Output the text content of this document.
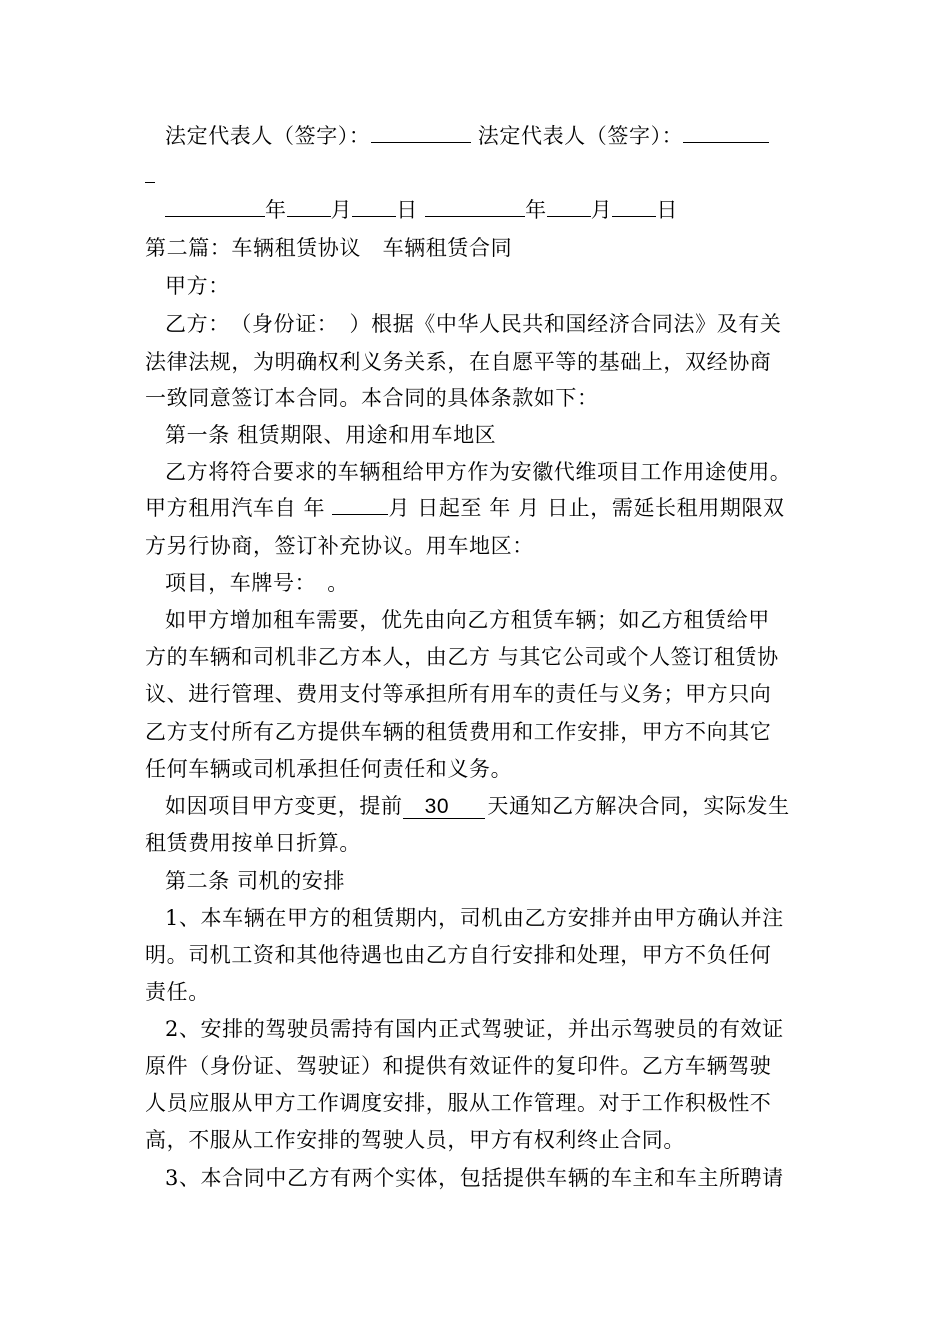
法定代表人（签字）：	法定代表人（签字）：
年 月 日	年 月 日
第二篇：车辆租赁协议　车辆租赁合同
甲方：
乙方：　（身份证：　）根据《中华人民共和国经济合同法》及有关
法律法规，为明确权利义务关系，在自愿平等的基础上，双经协商
一致同意签订本合同。本合同的具体条款如下：
第一条 租赁期限、用途和用车地区
乙方将符合要求的车辆租给甲方作为安徽代维项目工作用途使用。
甲方租用汽车自 年	月 日起至 年 月 日止，需延长租用期限双
方另行协商，签订补充协议。用车地区：
项目，车牌号：　。
如甲方增加租车需要，优先由向乙方租赁车辆；如乙方租赁给甲
方的车辆和司机非乙方本人，由乙方 与其它公司或个人签订租赁协
议、进行管理、费用支付等承担所有用车的责任与义务；甲方只向
乙方支付所有乙方提供车辆的租赁费用和工作安排，甲方不向其它
任何车辆或司机承担任何责任和义务。
如因项目甲方变更，提前 30 天通知乙方解决合同，实际发生
租赁费用按单日折算。
第二条 司机的安排
1、本车辆在甲方的租赁期内，司机由乙方安排并由甲方确认并注
明。司机工资和其他待遇也由乙方自行安排和处理，甲方不负任何
责任。
2、安排的驾驶员需持有国内正式驾驶证，并出示驾驶员的有效证
原件（身份证、驾驶证）和提供有效证件的复印件。乙方车辆驾驶
人员应服从甲方工作调度安排，服从工作管理。对于工作积极性不
高，不服从工作安排的驾驶人员，甲方有权利终止合同。
3、本合同中乙方有两个实体，包括提供车辆的车主和车主所聘请
